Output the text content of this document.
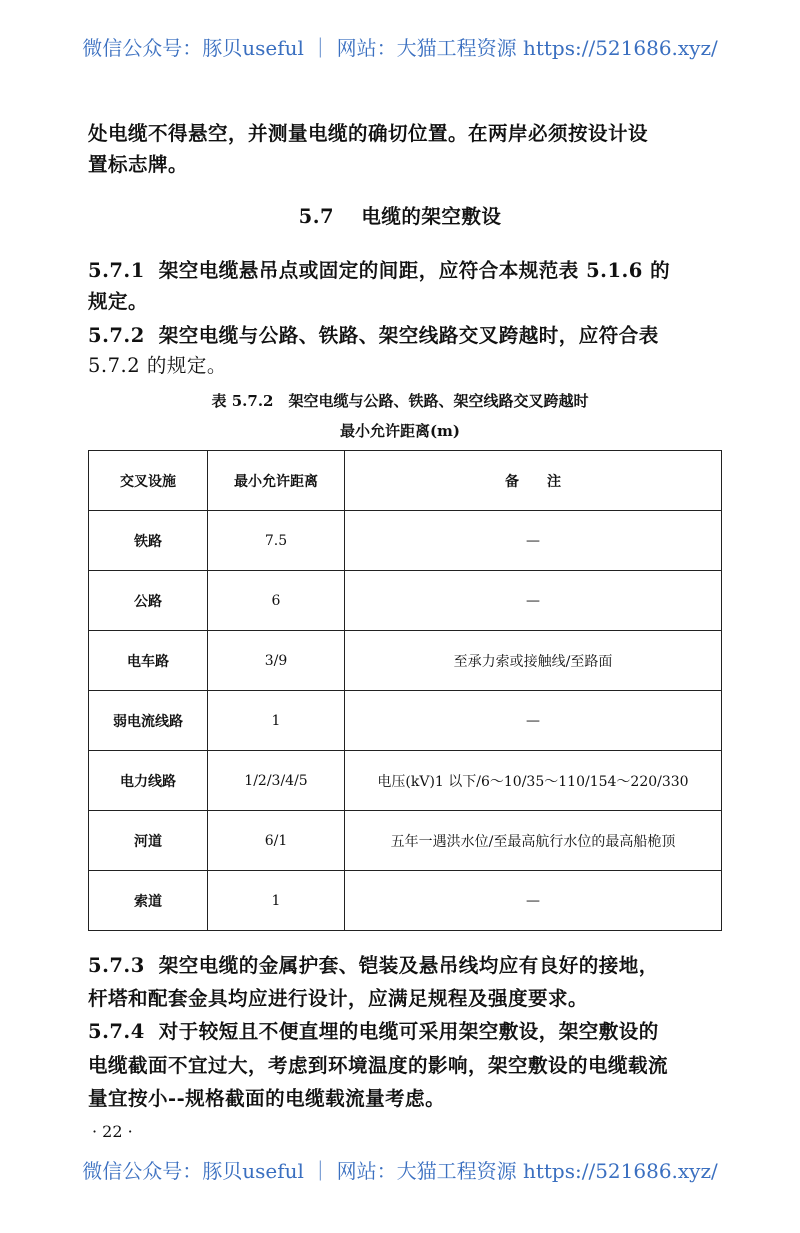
微信公众号：豚贝useful ｜ 网站：大猫工程资源 https://521686.xyz/
处电缆不得悬空，并测量电缆的确切位置。在两岸必须按设计设
置标志牌。
5.7　 电缆的架空敷设
5.7.1 架空电缆悬吊点或固定的间距，应符合本规范表 5.1.6 的
规定。
5.7.2 架空电缆与公路、铁路、架空线路交叉跨越时，应符合表
5.7.2 的规定。
表 5.7.2　架空电缆与公路、铁路、架空线路交叉跨越时
最小允许距离(m)
交叉设施	最小允许距离	备　　注
铁路	7.5	—
公路	6	—
电车路	3/9	至承力索或接触线/至路面
弱电流线路	1	—
电力线路	1/2/3/4/5	电压(kV)1 以下/6～10/35～110/154～220/330
河道	6/1	五年一遇洪水位/至最高航行水位的最高船桅顶
索道	1	—
5.7.3 架空电缆的金属护套、铠装及悬吊线均应有良好的接地，
杆塔和配套金具均应进行设计，应满足规程及强度要求。
5.7.4 对于较短且不便直埋的电缆可采用架空敷设，架空敷设的
电缆截面不宜过大，考虑到环境温度的影响，架空敷设的电缆载流
量宜按小--规格截面的电缆载流量考虑。
· 22 ·
微信公众号：豚贝useful ｜ 网站：大猫工程资源 https://521686.xyz/
